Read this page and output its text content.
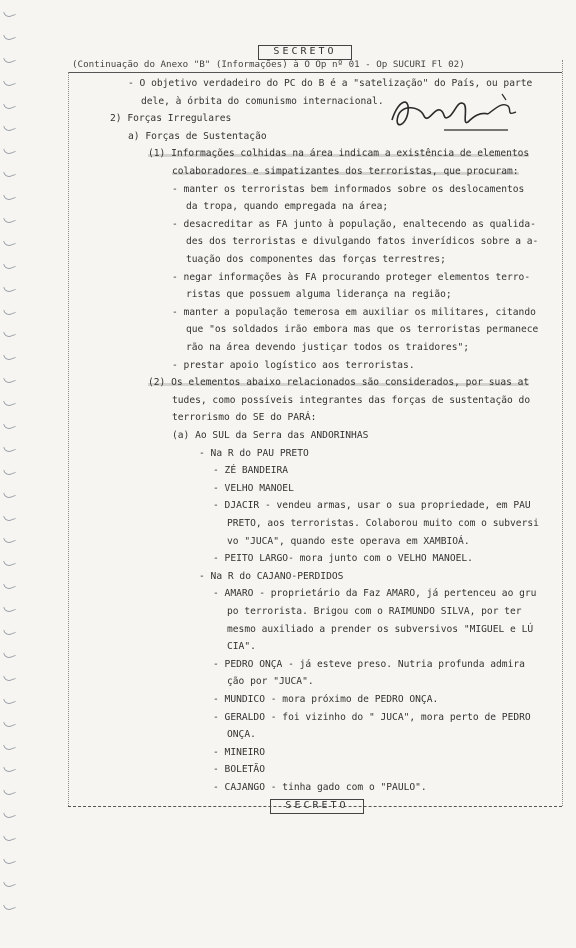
SECRETO
(Continuação do Anexo "B" (Informações) à O Op nº 01 - Op SUCURI Fl 02)
- O objetivo verdadeiro do PC do B é a "satelização" do País, ou parte
dele, à órbita do comunismo internacional.
2) Forças Irregulares
a) Forças de Sustentação
(1) Informações colhidas na área indicam a existência de elementos
colaboradores e simpatizantes dos terroristas, que procuram:
- manter os terroristas bem informados sobre os deslocamentos
da tropa, quando empregada na área;
- desacreditar as FA junto à população, enaltecendo as qualida-
des dos terroristas e divulgando fatos inverídicos sobre a a-
tuação dos componentes das forças terrestres;
- negar informações às FA procurando proteger elementos terro-
ristas que possuem alguma liderança na região;
- manter a população temerosa em auxiliar os militares, citando
que "os soldados irão embora mas que os terroristas permanece
rão na área devendo justiçar todos os traidores";
- prestar apoio logístico aos terroristas.
(2) Os elementos abaixo relacionados são considerados, por suas at
tudes, como possíveis integrantes das forças de sustentação do
terrorismo do SE do PARÁ:
(a) Ao SUL da Serra das ANDORINHAS
- Na R do PAU PRETO
- ZÉ BANDEIRA
- VELHO MANOEL
- DJACIR - vendeu armas, usar o sua propriedade, em PAU
PRETO, aos terroristas. Colaborou muito com o subversi
vo "JUCA", quando este operava em XAMBIOÁ.
- PEITO LARGO- mora junto com o VELHO MANOEL.
- Na R do CAJANO-PERDIDOS
- AMARO - proprietário da Faz AMARO, já pertenceu ao gru
po terrorista. Brigou com o RAIMUNDO SILVA, por ter
mesmo auxiliado a prender os subversivos "MIGUEL e LÚ
CIA".
- PEDRO ONÇA - já esteve preso. Nutria profunda admira
ção por "JUCA".
- MUNDICO - mora próximo de PEDRO ONÇA.
- GERALDO - foi vizinho do " JUCA", mora perto de PEDRO
ONÇA.
- MINEIRO
- BOLETÃO
- CAJANGO - tinha gado com o "PAULO".
SECRETO
